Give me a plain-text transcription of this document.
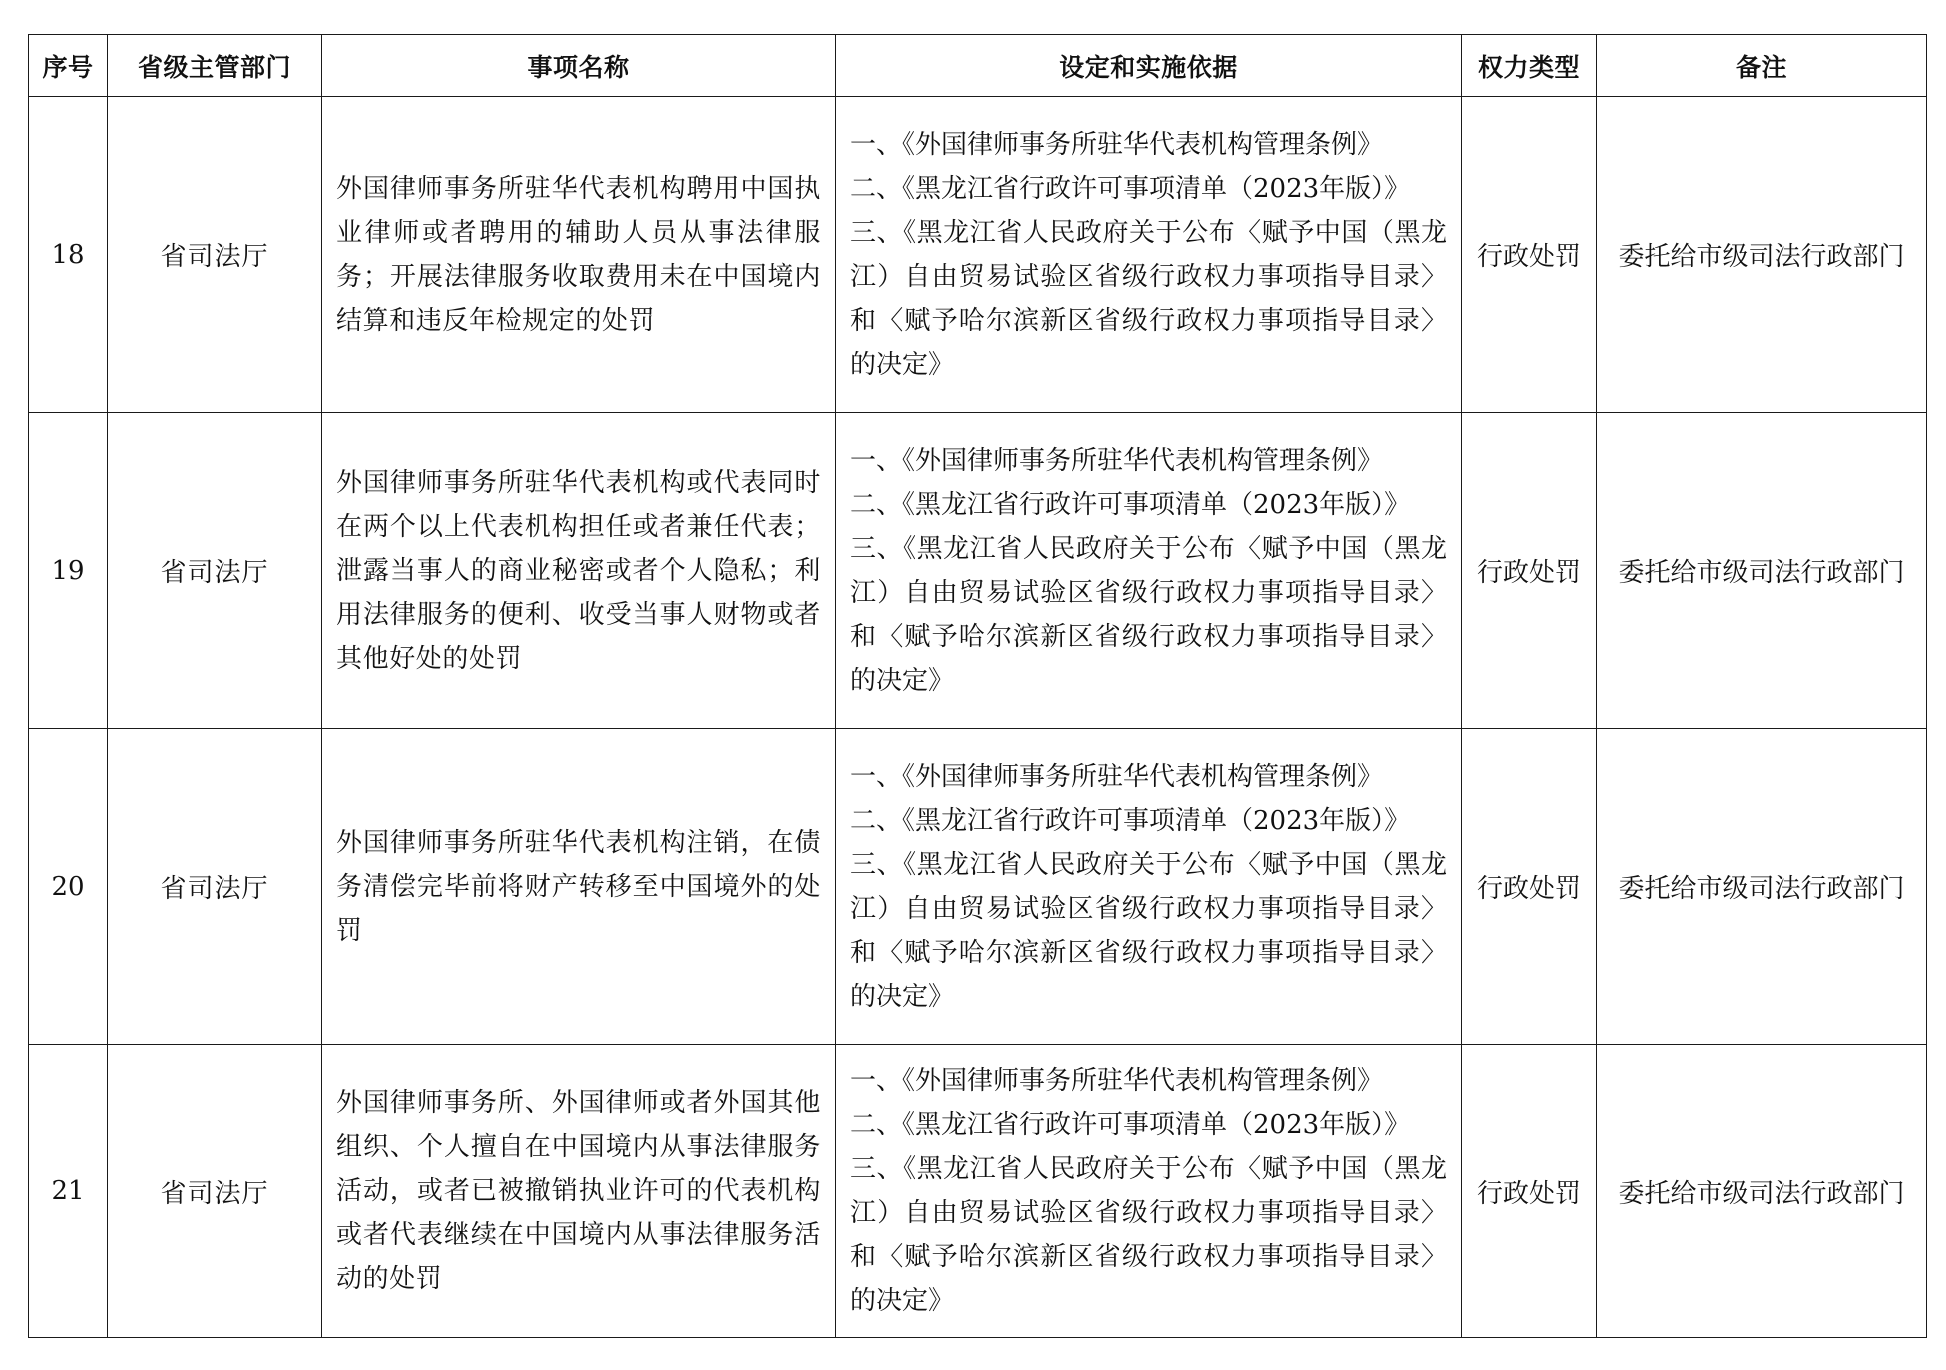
序号	省级主管部门	事项名称	设定和实施依据	权力类型	备注
18	省司法厅	外国律师事务所驻华代表机构聘用中国执业律师或者聘用的辅助人员从事法律服务；开展法律服务收取费用未在中国境内结算和违反年检规定的处罚	一、《外国律师事务所驻华代表机构管理条例》
二、《黑龙江省行政许可事项清单（2023年版）》
三、《黑龙江省人民政府关于公布〈赋予中国（黑龙江）自由贸易试验区省级行政权力事项指导目录〉和〈赋予哈尔滨新区省级行政权力事项指导目录〉的决定》	行政处罚	委托给市级司法行政部门
19	省司法厅	外国律师事务所驻华代表机构或代表同时在两个以上代表机构担任或者兼任代表；泄露当事人的商业秘密或者个人隐私；利用法律服务的便利、收受当事人财物或者其他好处的处罚	一、《外国律师事务所驻华代表机构管理条例》
二、《黑龙江省行政许可事项清单（2023年版）》
三、《黑龙江省人民政府关于公布〈赋予中国（黑龙江）自由贸易试验区省级行政权力事项指导目录〉和〈赋予哈尔滨新区省级行政权力事项指导目录〉的决定》	行政处罚	委托给市级司法行政部门
20	省司法厅	外国律师事务所驻华代表机构注销，在债务清偿完毕前将财产转移至中国境外的处罚	一、《外国律师事务所驻华代表机构管理条例》
二、《黑龙江省行政许可事项清单（2023年版）》
三、《黑龙江省人民政府关于公布〈赋予中国（黑龙江）自由贸易试验区省级行政权力事项指导目录〉和〈赋予哈尔滨新区省级行政权力事项指导目录〉的决定》	行政处罚	委托给市级司法行政部门
21	省司法厅	外国律师事务所、外国律师或者外国其他组织、个人擅自在中国境内从事法律服务活动，或者已被撤销执业许可的代表机构或者代表继续在中国境内从事法律服务活动的处罚	一、《外国律师事务所驻华代表机构管理条例》
二、《黑龙江省行政许可事项清单（2023年版）》
三、《黑龙江省人民政府关于公布〈赋予中国（黑龙江）自由贸易试验区省级行政权力事项指导目录〉和〈赋予哈尔滨新区省级行政权力事项指导目录〉的决定》	行政处罚	委托给市级司法行政部门
